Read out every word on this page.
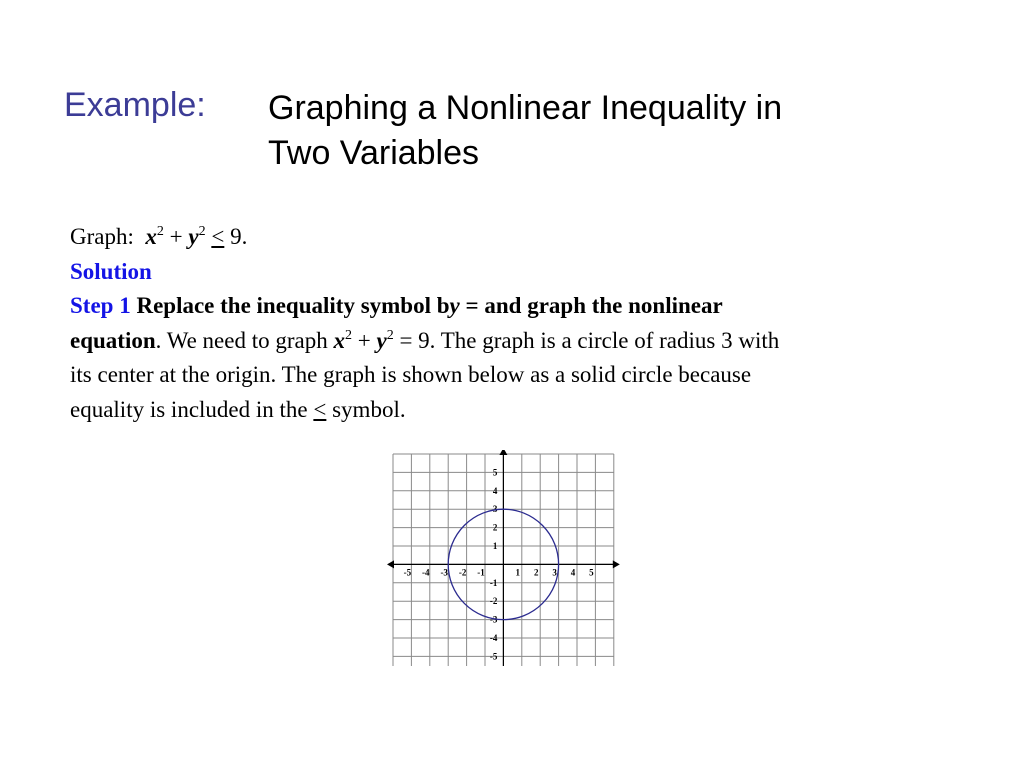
Example: Graphing a Nonlinear Inequality in
Two Variables
Graph: $x^2 + y^2 \le 9$.
Solution
Step 1 Replace the inequality symbol by = and graph the nonlinear
equation. We need to graph $x^2 + y^2 = 9$. The graph is a circle of radius 3 with
its center at the origin. The graph is shown below as a solid circle because
equality is included in the < symbol.
-5 -4 -3 -2 -1	1 2 3 4 5
5
4
3
2
1
-1
-2
-3
-4
-5
